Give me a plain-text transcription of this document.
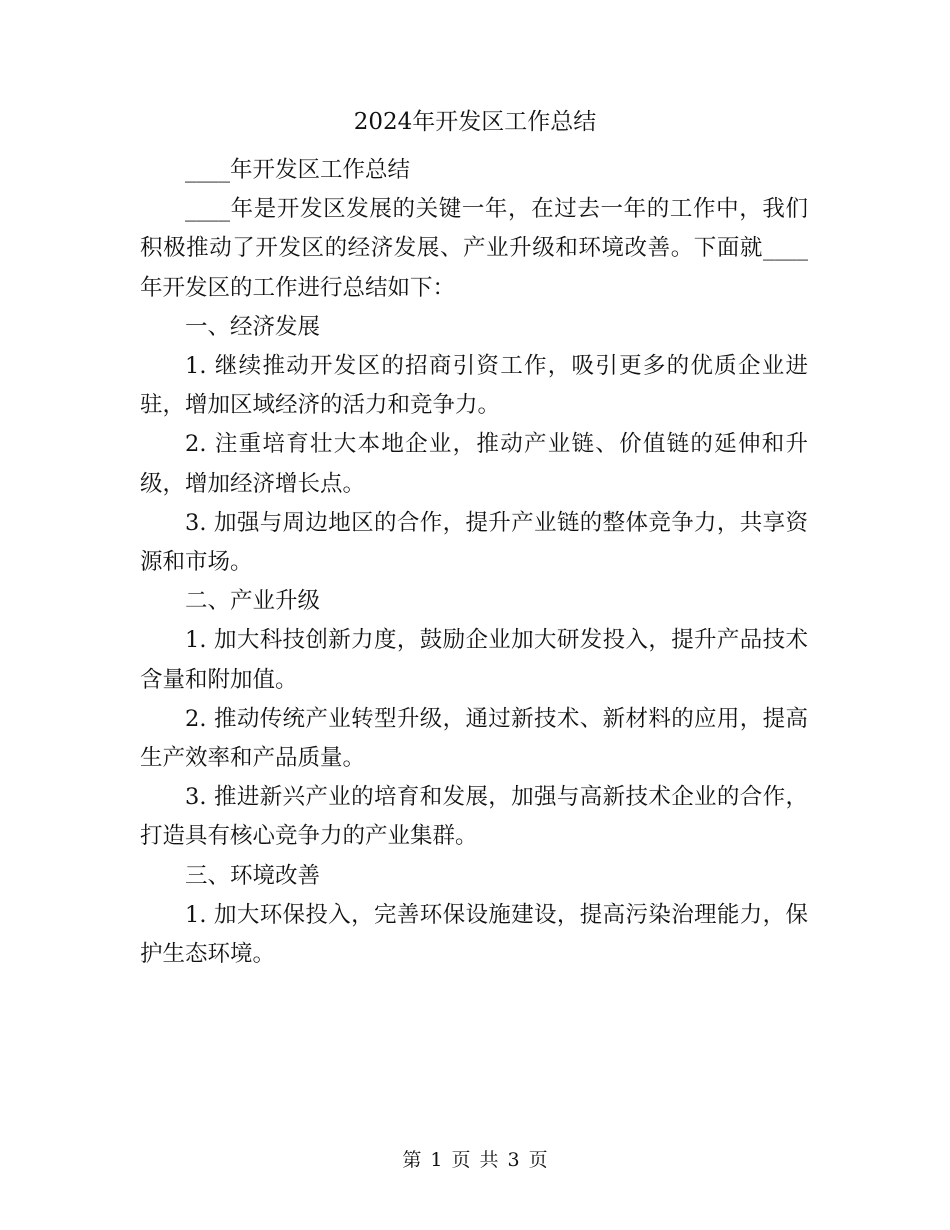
2024年开发区工作总结

____年开发区工作总结

____年是开发区发展的关键一年，在过去一年的工作中，我们积极推动了开发区的经济发展、产业升级和环境改善。下面就____年开发区的工作进行总结如下：

一、经济发展

1. 继续推动开发区的招商引资工作，吸引更多的优质企业进驻，增加区域经济的活力和竞争力。

2. 注重培育壮大本地企业，推动产业链、价值链的延伸和升级，增加经济增长点。

3. 加强与周边地区的合作，提升产业链的整体竞争力，共享资源和市场。

二、产业升级

1. 加大科技创新力度，鼓励企业加大研发投入，提升产品技术含量和附加值。

2. 推动传统产业转型升级，通过新技术、新材料的应用，提高生产效率和产品质量。

3. 推进新兴产业的培育和发展，加强与高新技术企业的合作，打造具有核心竞争力的产业集群。

三、环境改善

1. 加大环保投入，完善环保设施建设，提高污染治理能力，保护生态环境。

第 1 页 共 3 页
